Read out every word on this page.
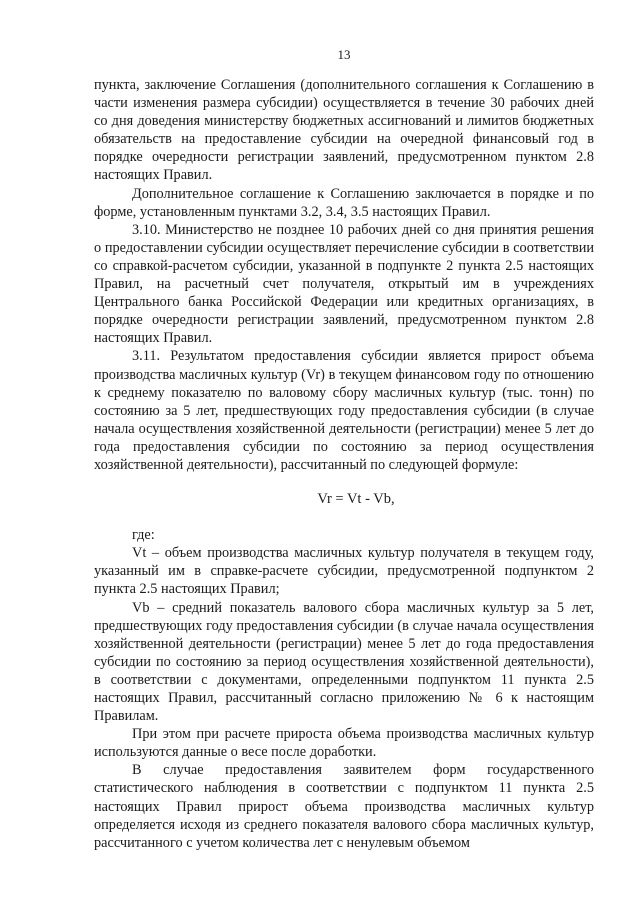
13

пункта, заключение Соглашения (дополнительного соглашения к Соглашению в части изменения размера субсидии) осуществляется в течение 30 рабочих дней со дня доведения министерству бюджетных ассигнований и лимитов бюджетных обязательств на предоставление субсидии на очередной финансовый год в порядке очередности регистрации заявлений, предусмотренном пунктом 2.8 настоящих Правил.

Дополнительное соглашение к Соглашению заключается в порядке и по форме, установленным пунктами 3.2, 3.4, 3.5 настоящих Правил.

3.10. Министерство не позднее 10 рабочих дней со дня принятия решения о предоставлении субсидии осуществляет перечисление субсидии в соответствии со справкой-расчетом субсидии, указанной в подпункте 2 пункта 2.5 настоящих Правил, на расчетный счет получателя, открытый им в учреждениях Центрального банка Российской Федерации или кредитных организациях, в порядке очередности регистрации заявлений, предусмотренном пунктом 2.8 настоящих Правил.

3.11. Результатом предоставления субсидии является прирост объема производства масличных культур (Vr) в текущем финансовом году по отношению к среднему показателю по валовому сбору масличных культур (тыс. тонн) по состоянию за 5 лет, предшествующих году предоставления субсидии (в случае начала осуществления хозяйственной деятельности (регистрации) менее 5 лет до года предоставления субсидии по состоянию за период осуществления хозяйственной деятельности), рассчитанный по следующей формуле:

Vr = Vt - Vb,

где:

Vt – объем производства масличных культур получателя в текущем году, указанный им в справке-расчете субсидии, предусмотренной подпунктом 2 пункта 2.5 настоящих Правил;

Vb – средний показатель валового сбора масличных культур за 5 лет, предшествующих году предоставления субсидии (в случае начала осуществления хозяйственной деятельности (регистрации) менее 5 лет до года предоставления субсидии по состоянию за период осуществления хозяйственной деятельности), в соответствии с документами, определенными подпунктом 11 пункта 2.5 настоящих Правил, рассчитанный согласно приложению № 6 к настоящим Правилам.

При этом при расчете прироста объема производства масличных культур используются данные о весе после доработки.

В случае предоставления заявителем форм государственного статистического наблюдения в соответствии с подпунктом 11 пункта 2.5 настоящих Правил прирост объема производства масличных культур определяется исходя из среднего показателя валового сбора масличных культур, рассчитанного с учетом количества лет с ненулевым объемом
